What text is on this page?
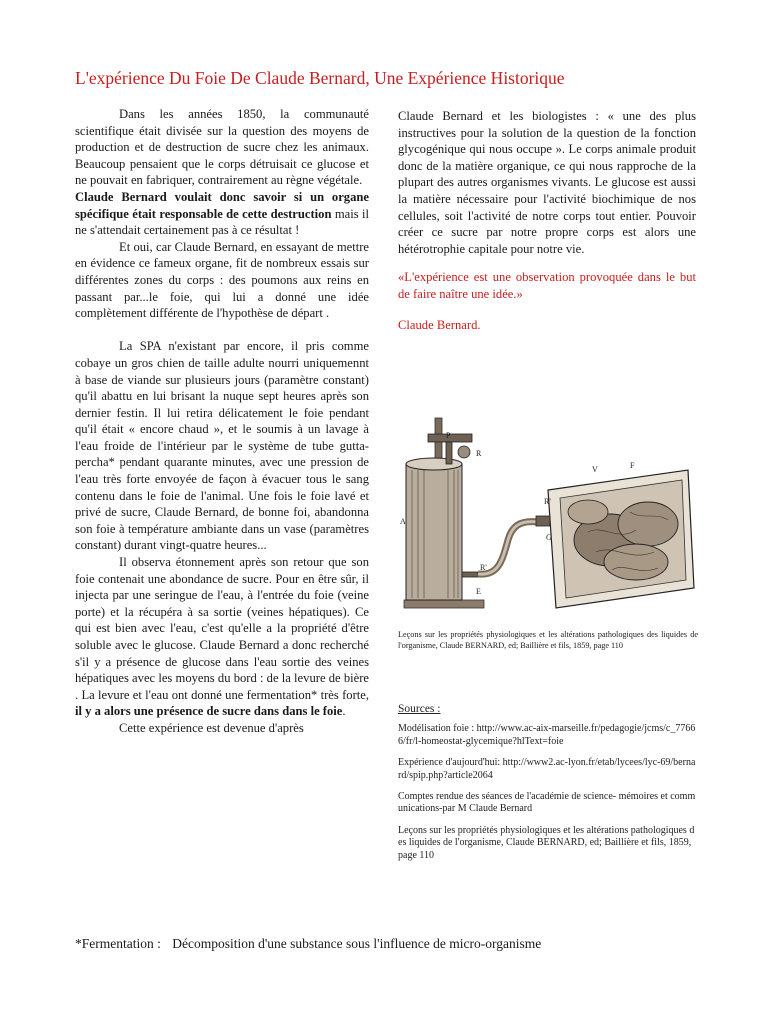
L'expérience Du Foie De Claude Bernard, Une Expérience Historique

Dans les années 1850, la communauté scientifique était divisée sur la question des moyens de production et de destruction de sucre chez les animaux. Beaucoup pensaient que le corps détruisait ce glucose et ne pouvait en fabriquer, contrairement au règne végétale.

Claude Bernard voulait donc savoir si un organe spécifique était responsable de cette destruction mais il ne s'attendait certainement pas à ce résultat !

Et oui, car Claude Bernard, en essayant de mettre en évidence ce fameux organe, fit de nombreux essais sur différentes zones du corps : des poumons aux reins en passant par...le foie, qui lui a donné une idée complètement différente de l'hypothèse de départ .

La SPA n'existant par encore, il pris comme cobaye un gros chien de taille adulte nourri uniquemennt à base de viande sur plusieurs jours (paramètre constant) qu'il abattu en lui brisant la nuque sept heures après son dernier festin. Il lui retira délicatement le foie pendant qu'il était « encore chaud », et le soumis à un lavage à l'eau froide de l'intérieur par le système de tube gutta-percha* pendant quarante minutes, avec une pression de l'eau très forte envoyée de façon à évacuer tous le sang contenu dans le foie de l'animal. Une fois le foie lavé et privé de sucre, Claude Bernard, de bonne foi, abandonna son foie à température ambiante dans un vase (paramètres constant) durant vingt-quatre heures...

Il observa étonnement après son retour que son foie contenait une abondance de sucre. Pour en être sûr, il injecta par une seringue de l'eau, à l'entrée du foie (veine porte) et la récupéra à sa sortie (veines hépatiques). Ce qui est bien avec l'eau, c'est qu'elle a la propriété d'être soluble avec le glucose. Claude Bernard a donc recherché s'il y a présence de glucose dans l'eau sortie des veines hépatiques avec les moyens du bord : de la levure de bière . La levure et l'eau ont donné une fermentation* très forte, il y a alors une présence de sucre dans dans le foie.

Cette expérience est devenue d'après

Claude Bernard et les biologistes : « une des plus instructives pour la solution de la question de la fonction glycogénique qui nous occupe ». Le corps animale produit donc de la matière organique, ce qui nous rapproche de la plupart des autres organismes vivants. Le glucose est aussi la matière nécessaire pour l'activité biochimique de nos cellules, soit l'activité de notre corps tout entier. Pouvoir créer ce sucre par notre propre corps est alors une hétérotrophie capitale pour notre vie.

«L'expérience est une observation provoquée dans le but de faire naître une idée.»

Claude Bernard.

P
R
A
R'
E
V	F
R'
G
Leçons sur les propriétés physiologiques et les altérations pathologiques des liquides de l'organisme, Claude BERNARD, ed; Baillière et fils, 1859, page 110
Sources :

Modélisation foie : http://www.ac-aix-marseille.fr/pedagogie/jcms/c_77666/fr/l-homeostat-glycemique?hlText=foie

Expérience d'aujourd'hui: http://www2.ac-lyon.fr/etab/lycees/lyc-69/bernard/spip.php?article2064

Comptes rendue des séances de l'académie de science- mémoires et communications-par M Claude Bernard

Leçons sur les propriétés physiologiques et les altérations pathologiques des liquides de l'organisme, Claude BERNARD, ed; Baillière et fils, 1859, page 110

*Fermentation : Décomposition d'une substance sous l'influence de micro-organisme
